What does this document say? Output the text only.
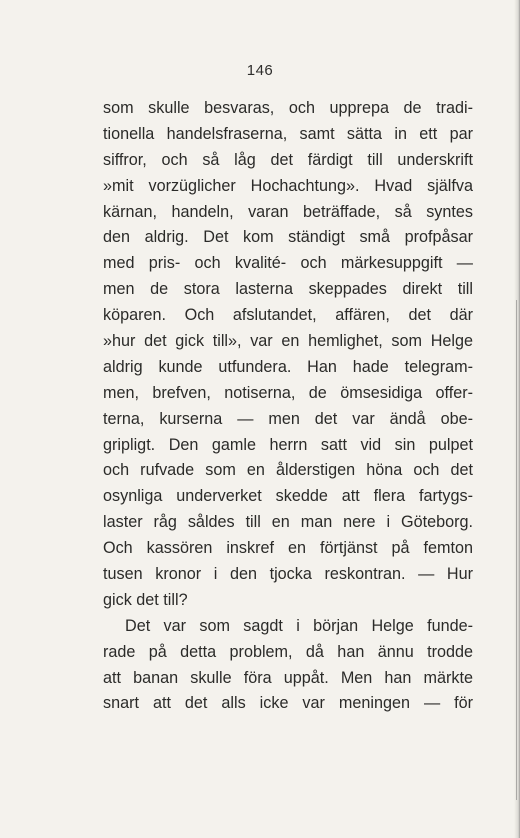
146
som skulle besvaras, och upprepa de tradi-
tionella handelsfraserna, samt sätta in ett par
siffror, och så låg det färdigt till underskrift
»mit vorzüglicher Hochachtung». Hvad själfva
kärnan, handeln, varan beträffade, så syntes
den aldrig. Det kom ständigt små profpåsar
med pris- och kvalité- och märkesuppgift —
men de stora lasterna skeppades direkt till
köparen. Och afslutandet, affären, det där
»hur det gick till», var en hemlighet, som Helge
aldrig kunde utfundera. Han hade telegram-
men, brefven, notiserna, de ömsesidiga offer-
terna, kurserna — men det var ändå obe-
gripligt. Den gamle herrn satt vid sin pulpet
och rufvade som en ålderstigen höna och det
osynliga underverket skedde att flera fartygs-
laster råg såldes till en man nere i Göteborg.
Och kassören inskref en förtjänst på femton
tusen kronor i den tjocka reskontran. — Hur
gick det till?
Det var som sagdt i början Helge funde-
rade på detta problem, då han ännu trodde
att banan skulle föra uppåt. Men han märkte
snart att det alls icke var meningen — för
